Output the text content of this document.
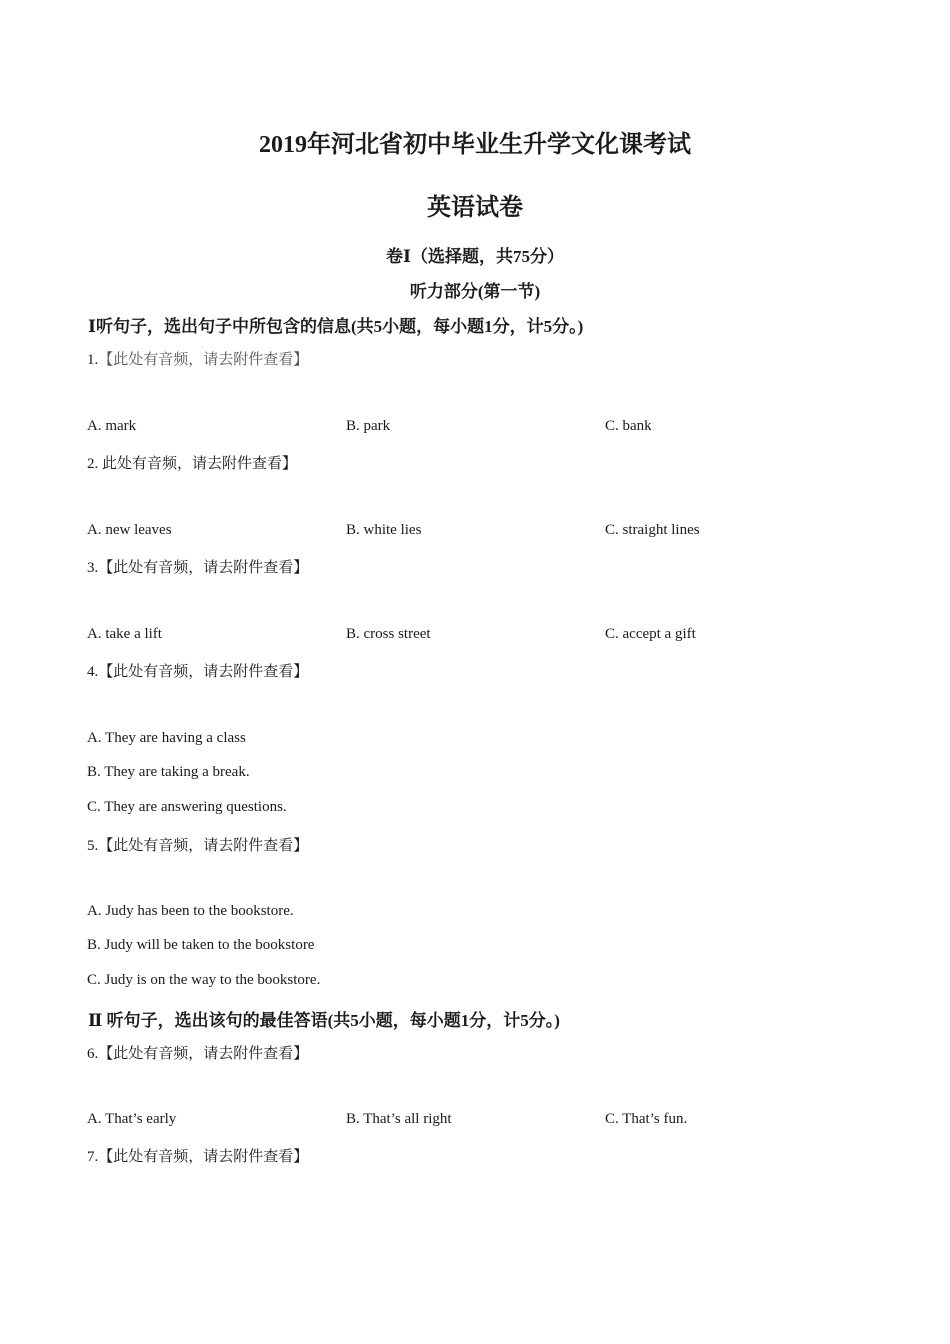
2019年河北省初中毕业生升学文化课考试
英语试卷
卷Ⅰ（选择题，共75分）
听力部分(第一节)
Ⅰ听句子，选出句子中所包含的信息(共5小题，每小题1分，计5分。)
1.【此处有音频，请去附件查看】
A. mark	B. park	C. bank
2. 此处有音频，请去附件查看】
A. new leaves	B. white lies	C. straight lines
3.【此处有音频，请去附件查看】
A. take a lift	B. cross street	C. accept a gift
4.【此处有音频，请去附件查看】
A. They are having a class
B. They are taking a break.
C. They are answering questions.
5.【此处有音频，请去附件查看】
A. Judy has been to the bookstore.
B. Judy will be taken to the bookstore
C. Judy is on the way to the bookstore.
Ⅱ 听句子，选出该句的最佳答语(共5小题，每小题1分，计5分。)
6.【此处有音频，请去附件查看】
A. That’s early	B. That’s all right	C. That’s fun.
7.【此处有音频，请去附件查看】
